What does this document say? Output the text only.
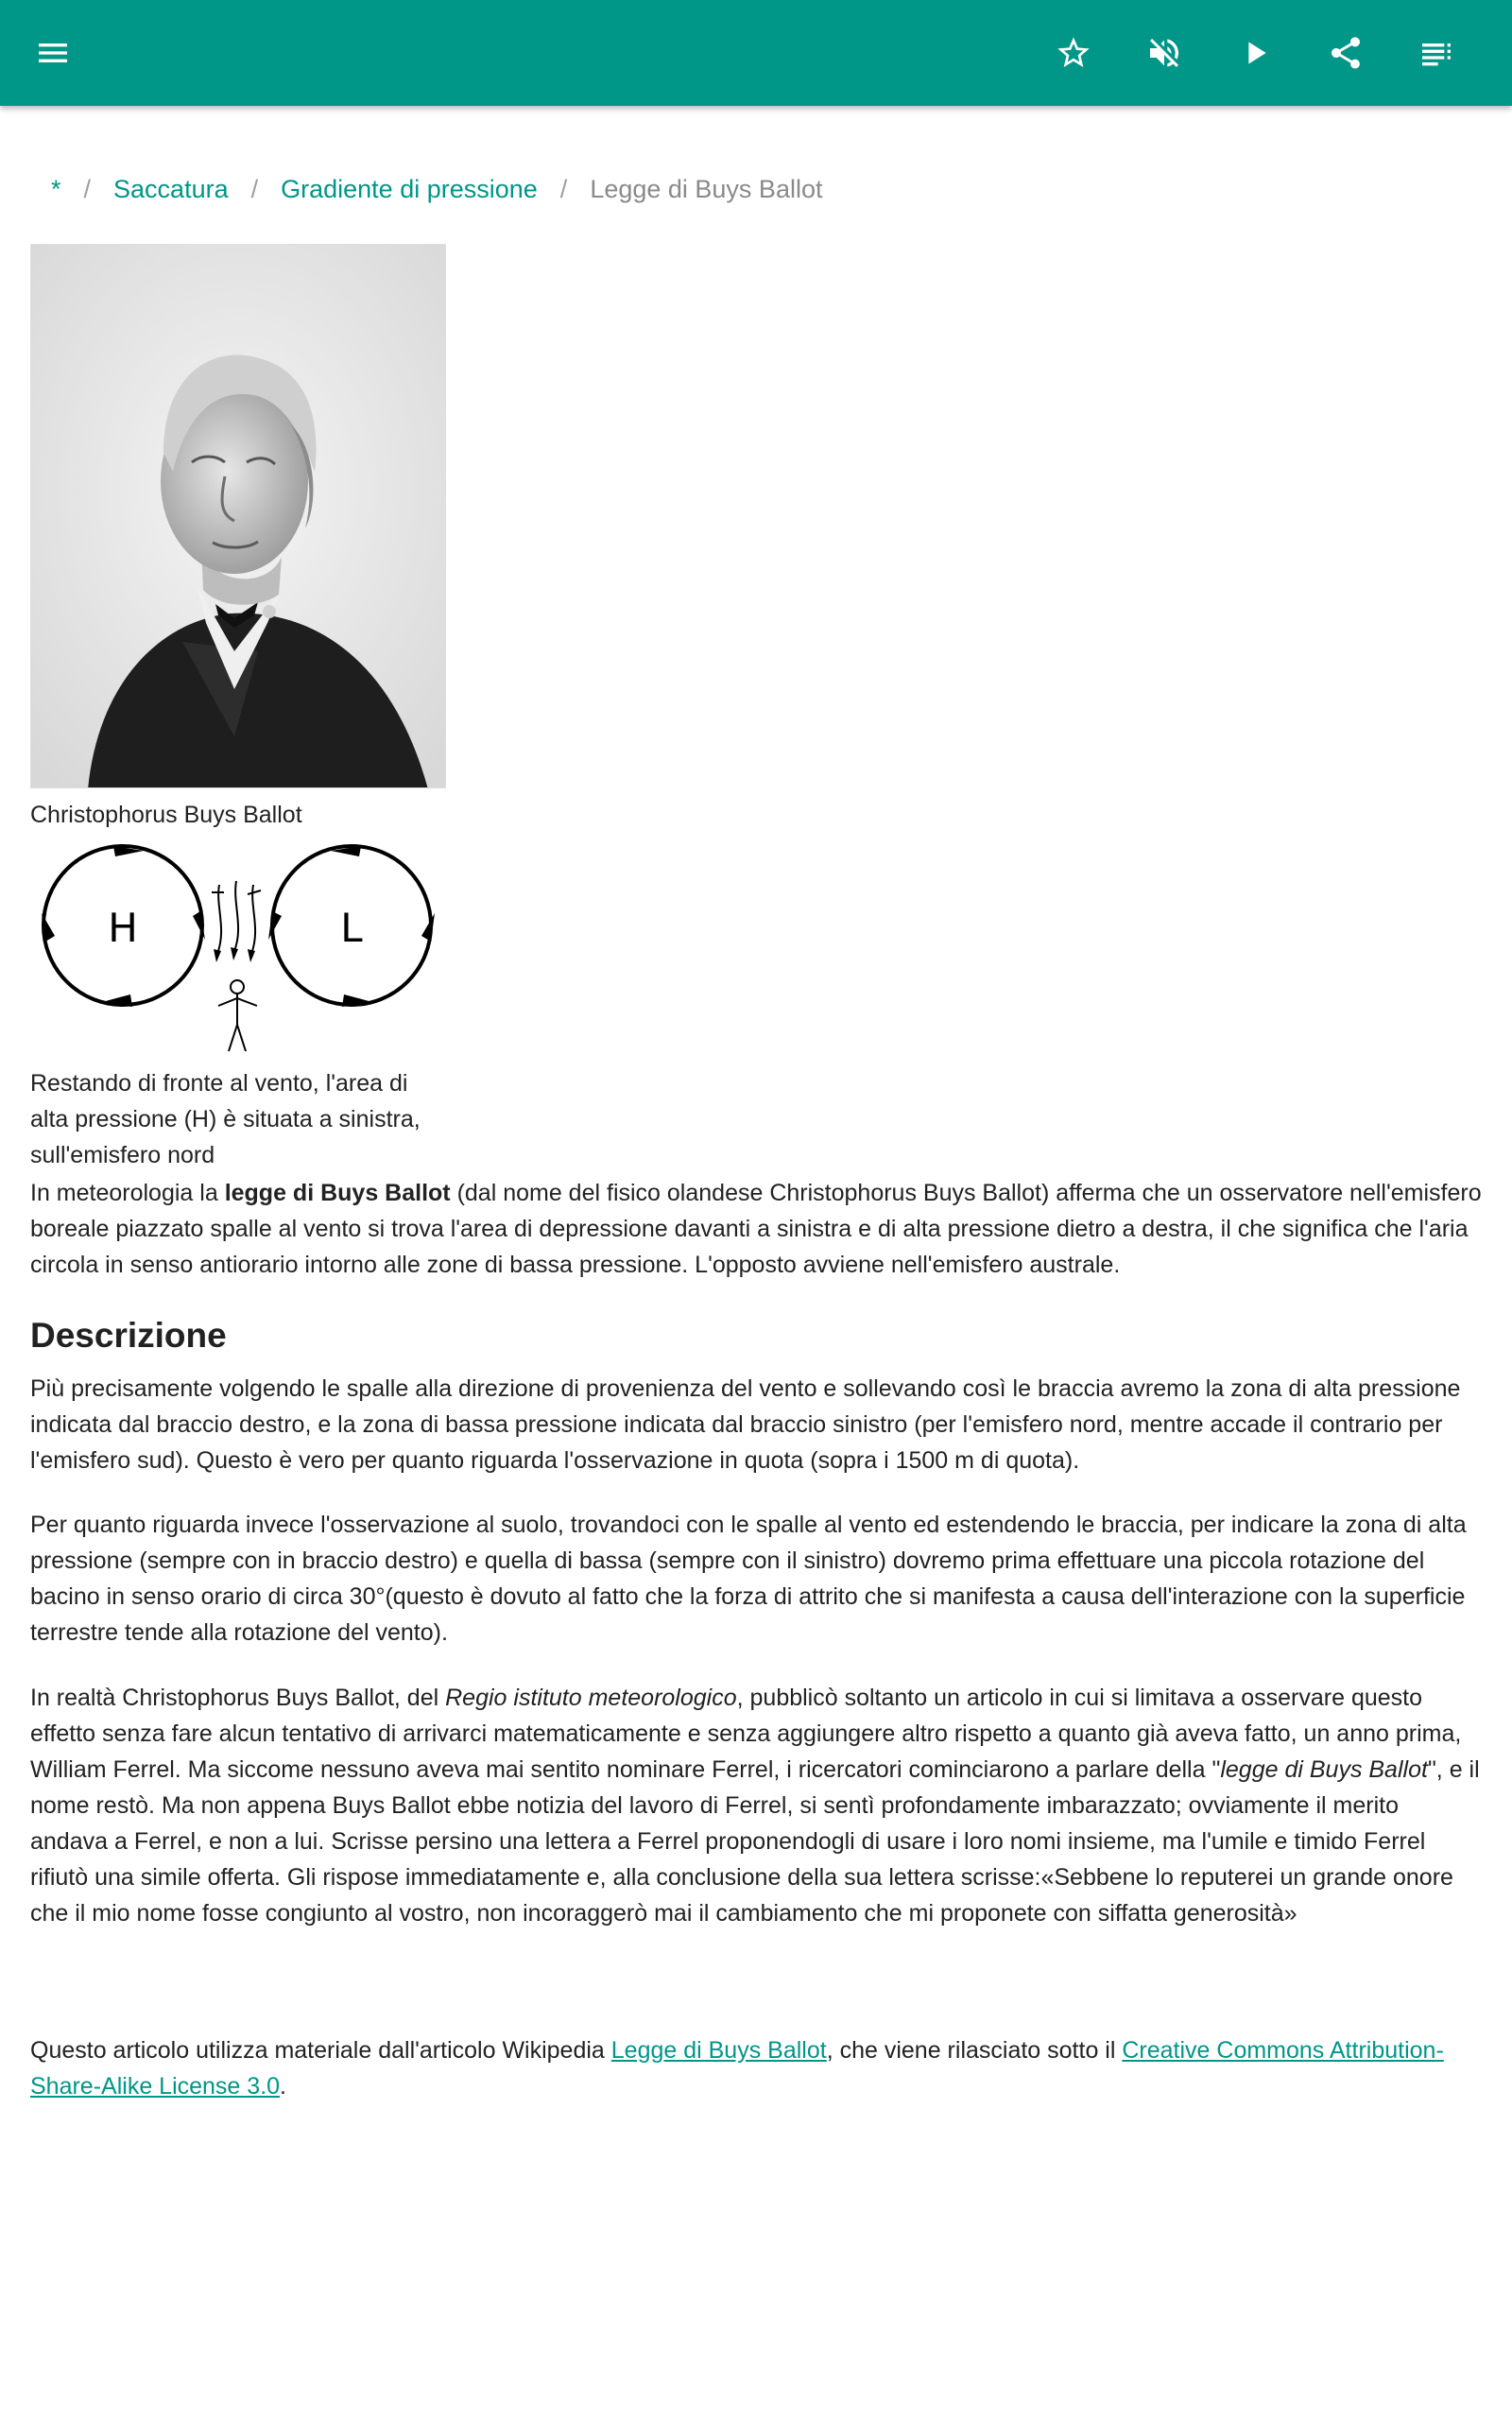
* / Saccatura / Gradiente di pressione / Legge di Buys Ballot
Christophorus Buys Ballot
H	L
Restando di fronte al vento, l'area di
alta pressione (H) è situata a sinistra,
sull'emisfero nord

In meteorologia la legge di Buys Ballot (dal nome del fisico olandese Christophorus Buys Ballot) afferma che un osservatore nell'emisfero boreale piazzato spalle al vento si trova l'area di depressione davanti a sinistra e di alta pressione dietro a destra, il che significa che l'aria circola in senso antiorario intorno alle zone di bassa pressione. L'opposto avviene nell'emisfero australe.

Descrizione

Più precisamente volgendo le spalle alla direzione di provenienza del vento e sollevando così le braccia avremo la zona di alta pressione indicata dal braccio destro, e la zona di bassa pressione indicata dal braccio sinistro (per l'emisfero nord, mentre accade il contrario per l'emisfero sud). Questo è vero per quanto riguarda l'osservazione in quota (sopra i 1500 m di quota).

Per quanto riguarda invece l'osservazione al suolo, trovandoci con le spalle al vento ed estendendo le braccia, per indicare la zona di alta pressione (sempre con in braccio destro) e quella di bassa (sempre con il sinistro) dovremo prima effettuare una piccola rotazione del bacino in senso orario di circa 30°(questo è dovuto al fatto che la forza di attrito che si manifesta a causa dell'interazione con la superficie terrestre tende alla rotazione del vento).

In realtà Christophorus Buys Ballot, del Regio istituto meteorologico, pubblicò soltanto un articolo in cui si limitava a osservare questo effetto senza fare alcun tentativo di arrivarci matematicamente e senza aggiungere altro rispetto a quanto già aveva fatto, un anno prima, William Ferrel. Ma siccome nessuno aveva mai sentito nominare Ferrel, i ricercatori cominciarono a parlare della "legge di Buys Ballot", e il nome restò. Ma non appena Buys Ballot ebbe notizia del lavoro di Ferrel, si sentì profondamente imbarazzato; ovviamente il merito andava a Ferrel, e non a lui. Scrisse persino una lettera a Ferrel proponendogli di usare i loro nomi insieme, ma l'umile e timido Ferrel rifiutò una simile offerta. Gli rispose immediatamente e, alla conclusione della sua lettera scrisse:«Sebbene lo reputerei un grande onore che il mio nome fosse congiunto al vostro, non incoraggerò mai il cambiamento che mi proponete con siffatta generosità»

Questo articolo utilizza materiale dall'articolo Wikipedia Legge di Buys Ballot, che viene rilasciato sotto il Creative Commons Attribution-Share-Alike License 3.0.
